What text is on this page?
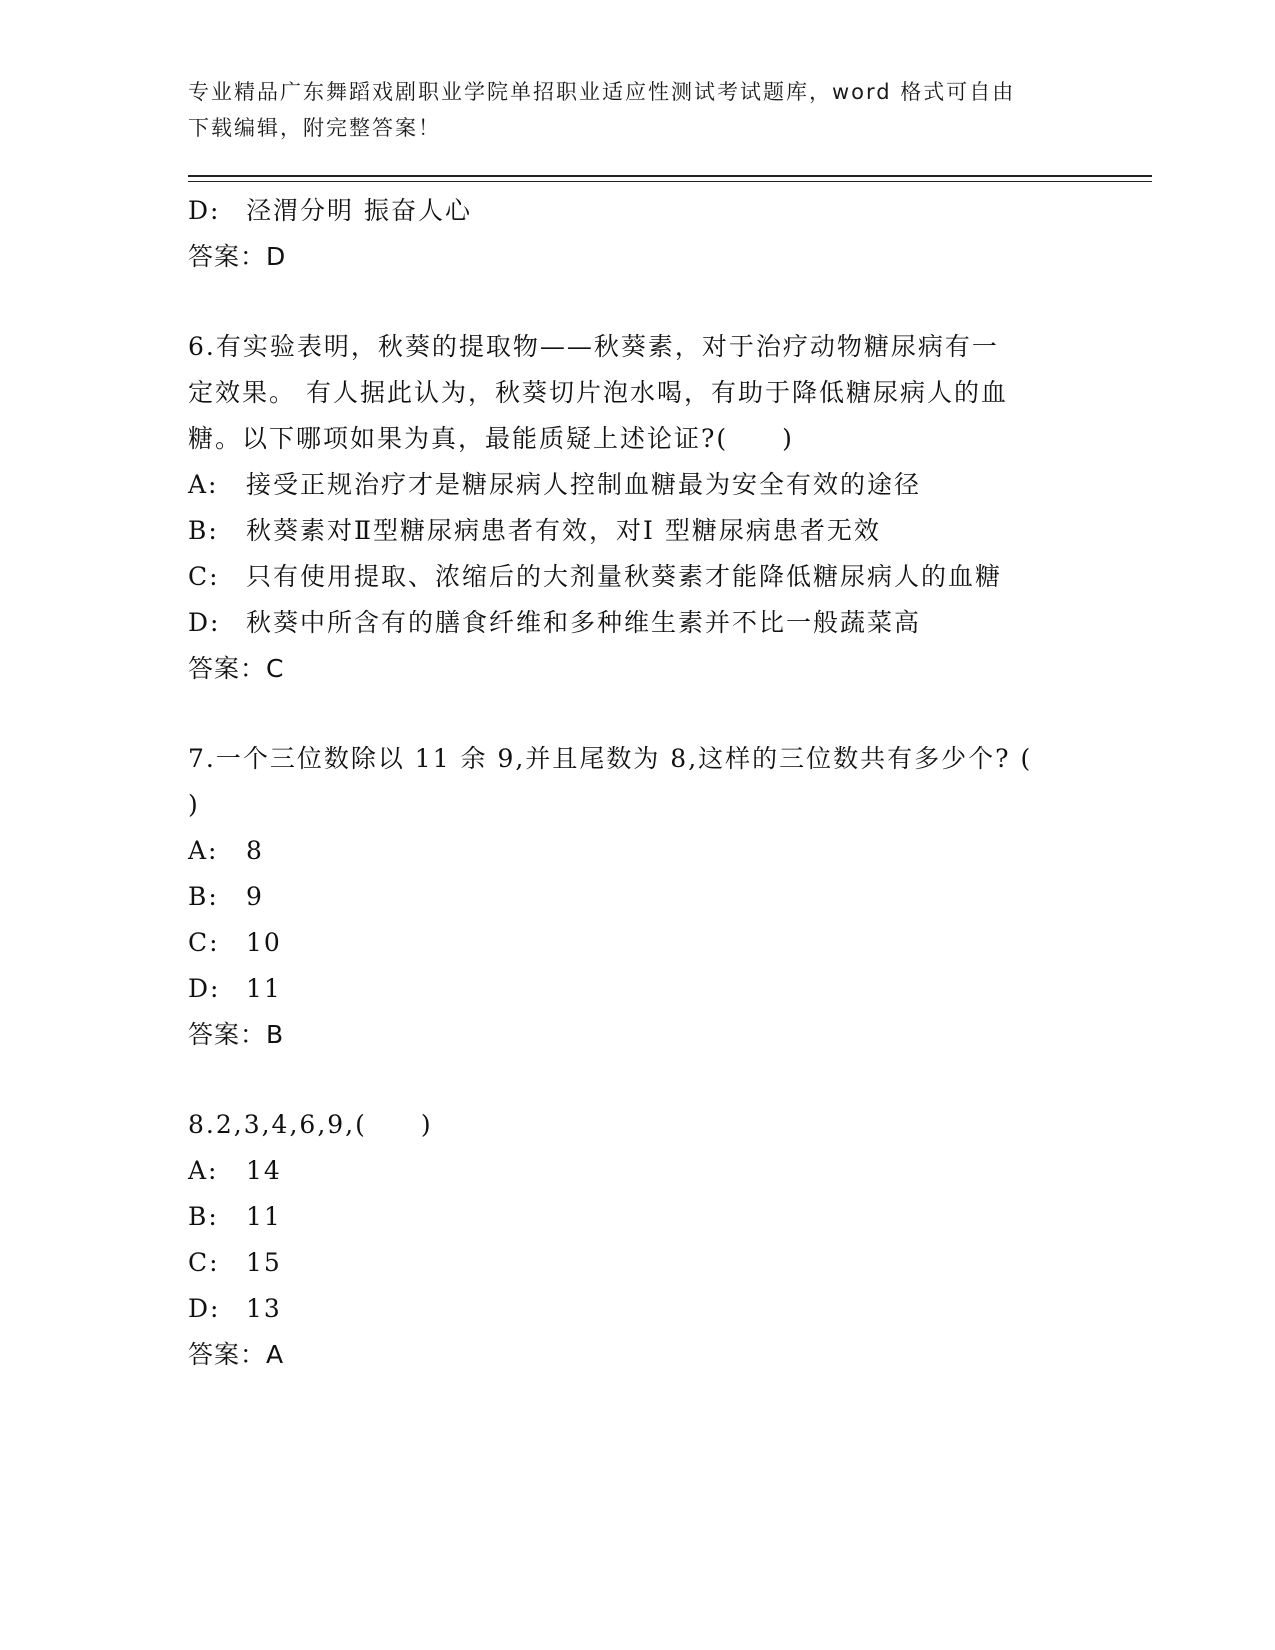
专业精品广东舞蹈戏剧职业学院单招职业适应性测试考试题库，word 格式可自由
下载编辑，附完整答案！
D: 泾渭分明 振奋人心
答案：D
6.有实验表明，秋葵的提取物——秋葵素，对于治疗动物糖尿病有一
定效果。 有人据此认为，秋葵切片泡水喝，有助于降低糖尿病人的血
糖。以下哪项如果为真，最能质疑上述论证?(　　)
A: 接受正规治疗才是糖尿病人控制血糖最为安全有效的途径
B: 秋葵素对Ⅱ型糖尿病患者有效，对Ⅰ 型糖尿病患者无效
C: 只有使用提取、浓缩后的大剂量秋葵素才能降低糖尿病人的血糖
D: 秋葵中所含有的膳食纤维和多种维生素并不比一般蔬菜高
答案：C
7.一个三位数除以 11 余 9,并且尾数为 8,这样的三位数共有多少个? (
)
A: 8
B: 9
C: 10
D: 11
答案：B
8.2,3,4,6,9,(　　)
A: 14
B: 11
C: 15
D: 13
答案：A
